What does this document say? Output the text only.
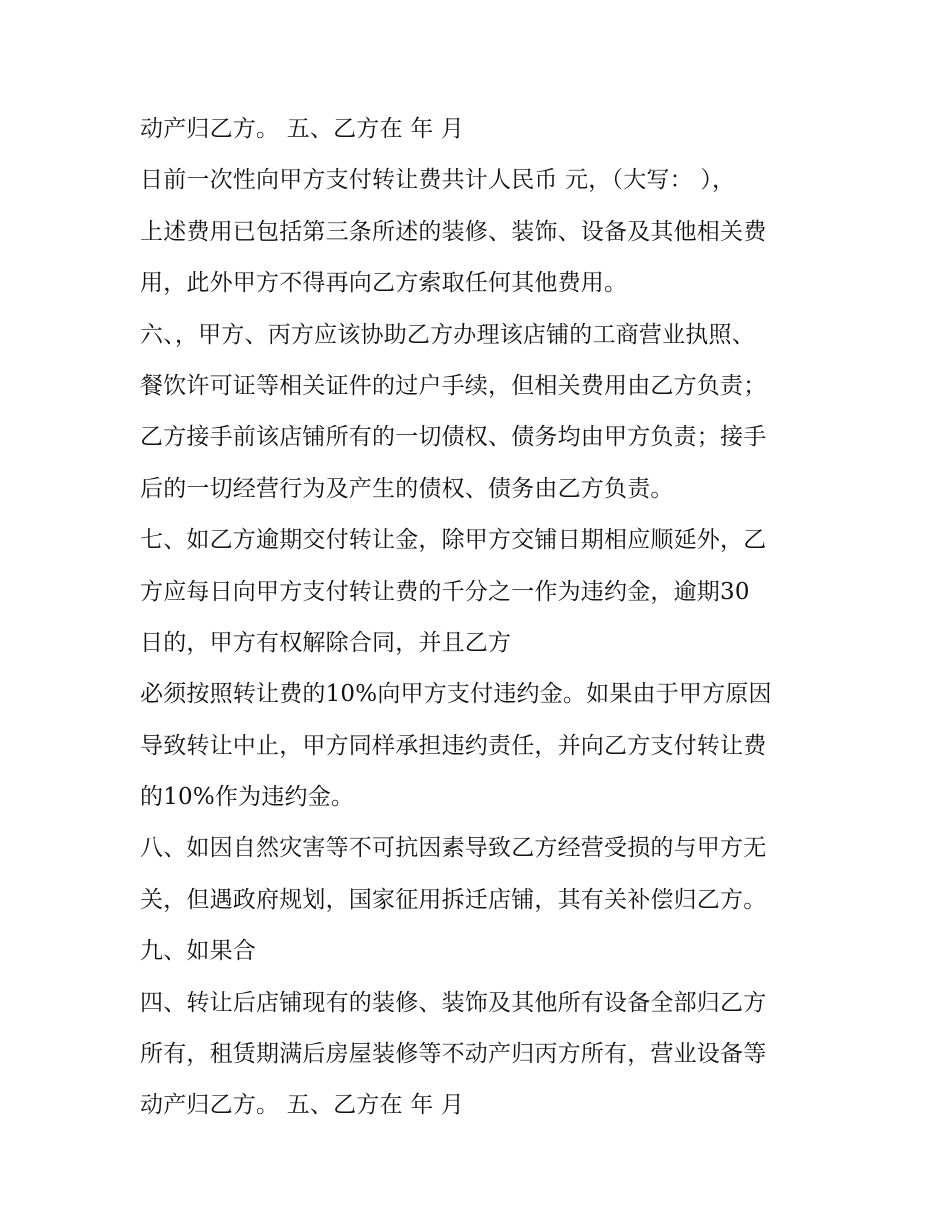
动产归乙方。 五、乙方在 年 月
日前一次性向甲方支付转让费共计人民币 元，（大写： ），
上述费用已包括第三条所述的装修、装饰、设备及其他相关费
用，此外甲方不得再向乙方索取任何其他费用。
六、，甲方、丙方应该协助乙方办理该店铺的工商营业执照、
餐饮许可证等相关证件的过户手续，但相关费用由乙方负责；
乙方接手前该店铺所有的一切债权、债务均由甲方负责；接手
后的一切经营行为及产生的债权、债务由乙方负责。
七、如乙方逾期交付转让金，除甲方交铺日期相应顺延外，乙
方应每日向甲方支付转让费的千分之一作为违约金，逾期30
日的，甲方有权解除合同，并且乙方
必须按照转让费的10%向甲方支付违约金。如果由于甲方原因
导致转让中止，甲方同样承担违约责任，并向乙方支付转让费
的10%作为违约金。
八、如因自然灾害等不可抗因素导致乙方经营受损的与甲方无
关，但遇政府规划，国家征用拆迁店铺，其有关补偿归乙方。
九、如果合
四、转让后店铺现有的装修、装饰及其他所有设备全部归乙方
所有，租赁期满后房屋装修等不动产归丙方所有，营业设备等
动产归乙方。 五、乙方在 年 月
